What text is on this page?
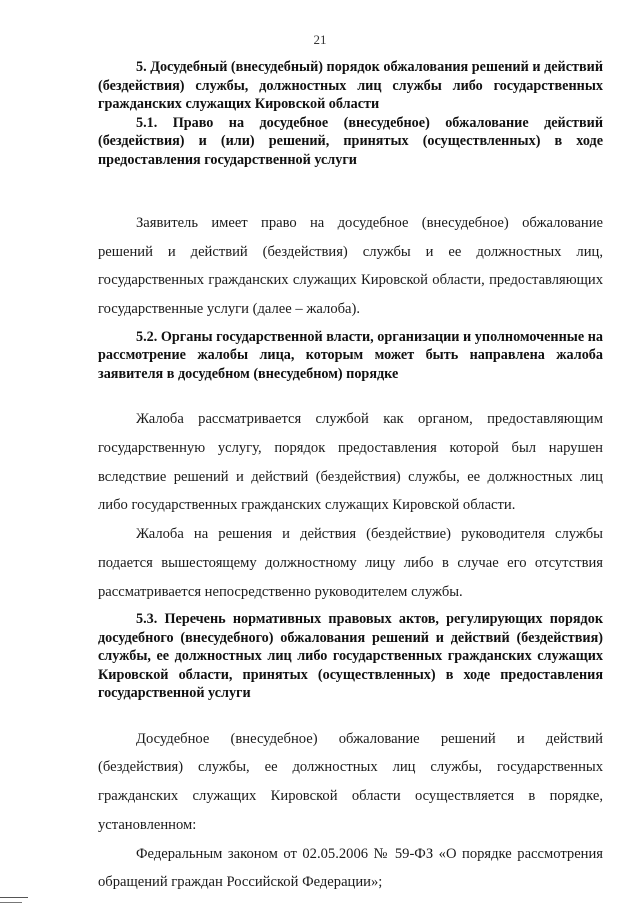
21

5. Досудебный (внесудебный) порядок обжалования решений и действий (бездействия) службы, должностных лиц службы либо государственных гражданских служащих Кировской области

5.1. Право на досудебное (внесудебное) обжалование действий (бездействия) и (или) решений, принятых (осуществленных) в ходе предоставления государственной услуги

Заявитель имеет право на досудебное (внесудебное) обжалование решений и действий (бездействия) службы и ее должностных лиц, государственных гражданских служащих Кировской области, предоставляющих государственные услуги (далее – жалоба).

5.2. Органы государственной власти, организации и уполномоченные на рассмотрение жалобы лица, которым может быть направлена жалоба заявителя в досудебном (внесудебном) порядке

Жалоба рассматривается службой как органом, предоставляющим государственную услугу, порядок предоставления которой был нарушен вследствие решений и действий (бездействия) службы, ее должностных лиц либо государственных гражданских служащих Кировской области.

Жалоба на решения и действия (бездействие) руководителя службы подается вышестоящему должностному лицу либо в случае его отсутствия рассматривается непосредственно руководителем службы.

5.3. Перечень нормативных правовых актов, регулирующих порядок досудебного (внесудебного) обжалования решений и действий (бездействия) службы, ее должностных лиц либо государственных гражданских служащих Кировской области, принятых (осуществленных) в ходе предоставления государственной услуги

Досудебное (внесудебное) обжалование решений и действий (бездействия) службы, ее должностных лиц службы, государственных гражданских служащих Кировской области осуществляется в порядке, установленном:

Федеральным законом от 02.05.2006 № 59-ФЗ «О порядке рассмотрения обращений граждан Российской Федерации»;
